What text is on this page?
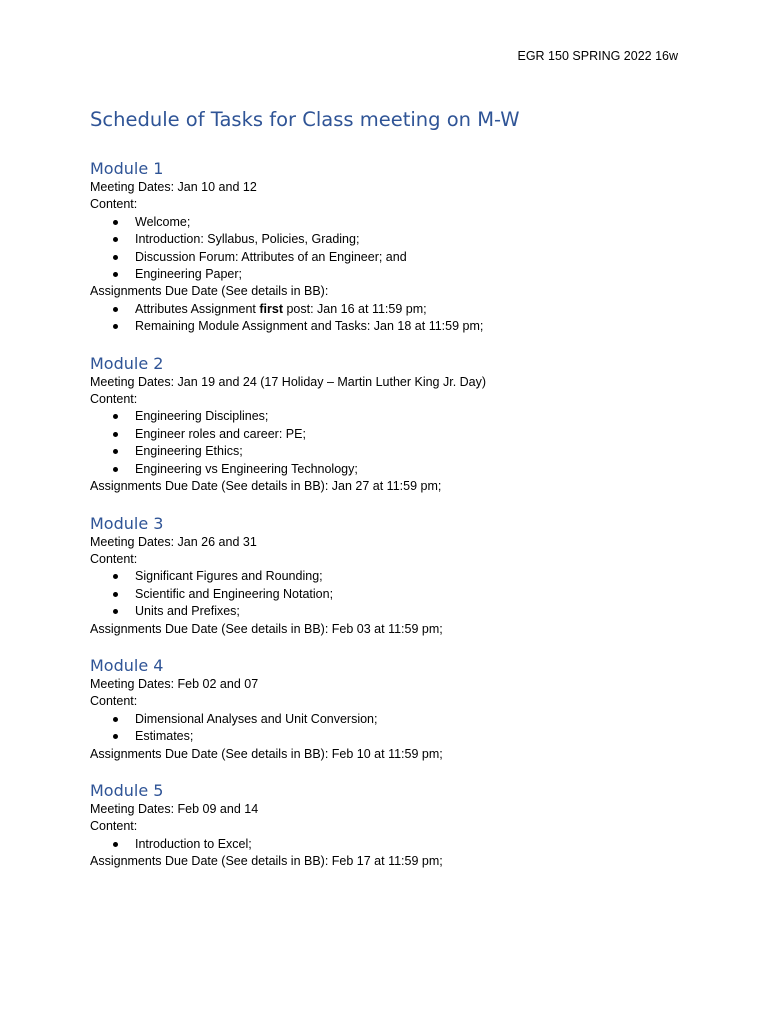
EGR 150 SPRING 2022 16w
Schedule of Tasks for Class meeting on M-W
Module 1
Meeting Dates: Jan 10 and 12
Content:
Welcome;
Introduction: Syllabus, Policies, Grading;
Discussion Forum: Attributes of an Engineer; and
Engineering Paper;
Assignments Due Date (See details in BB):
Attributes Assignment first post: Jan 16 at 11:59 pm;
Remaining Module Assignment and Tasks: Jan 18 at 11:59 pm;
Module 2
Meeting Dates: Jan 19 and 24 (17 Holiday – Martin Luther King Jr. Day)
Content:
Engineering Disciplines;
Engineer roles and career: PE;
Engineering Ethics;
Engineering vs Engineering Technology;
Assignments Due Date (See details in BB): Jan 27 at 11:59 pm;
Module 3
Meeting Dates: Jan 26 and 31
Content:
Significant Figures and Rounding;
Scientific and Engineering Notation;
Units and Prefixes;
Assignments Due Date (See details in BB): Feb 03 at 11:59 pm;
Module 4
Meeting Dates: Feb 02 and 07
Content:
Dimensional Analyses and Unit Conversion;
Estimates;
Assignments Due Date (See details in BB): Feb 10 at 11:59 pm;
Module 5
Meeting Dates: Feb 09 and 14
Content:
Introduction to Excel;
Assignments Due Date (See details in BB): Feb 17 at 11:59 pm;
